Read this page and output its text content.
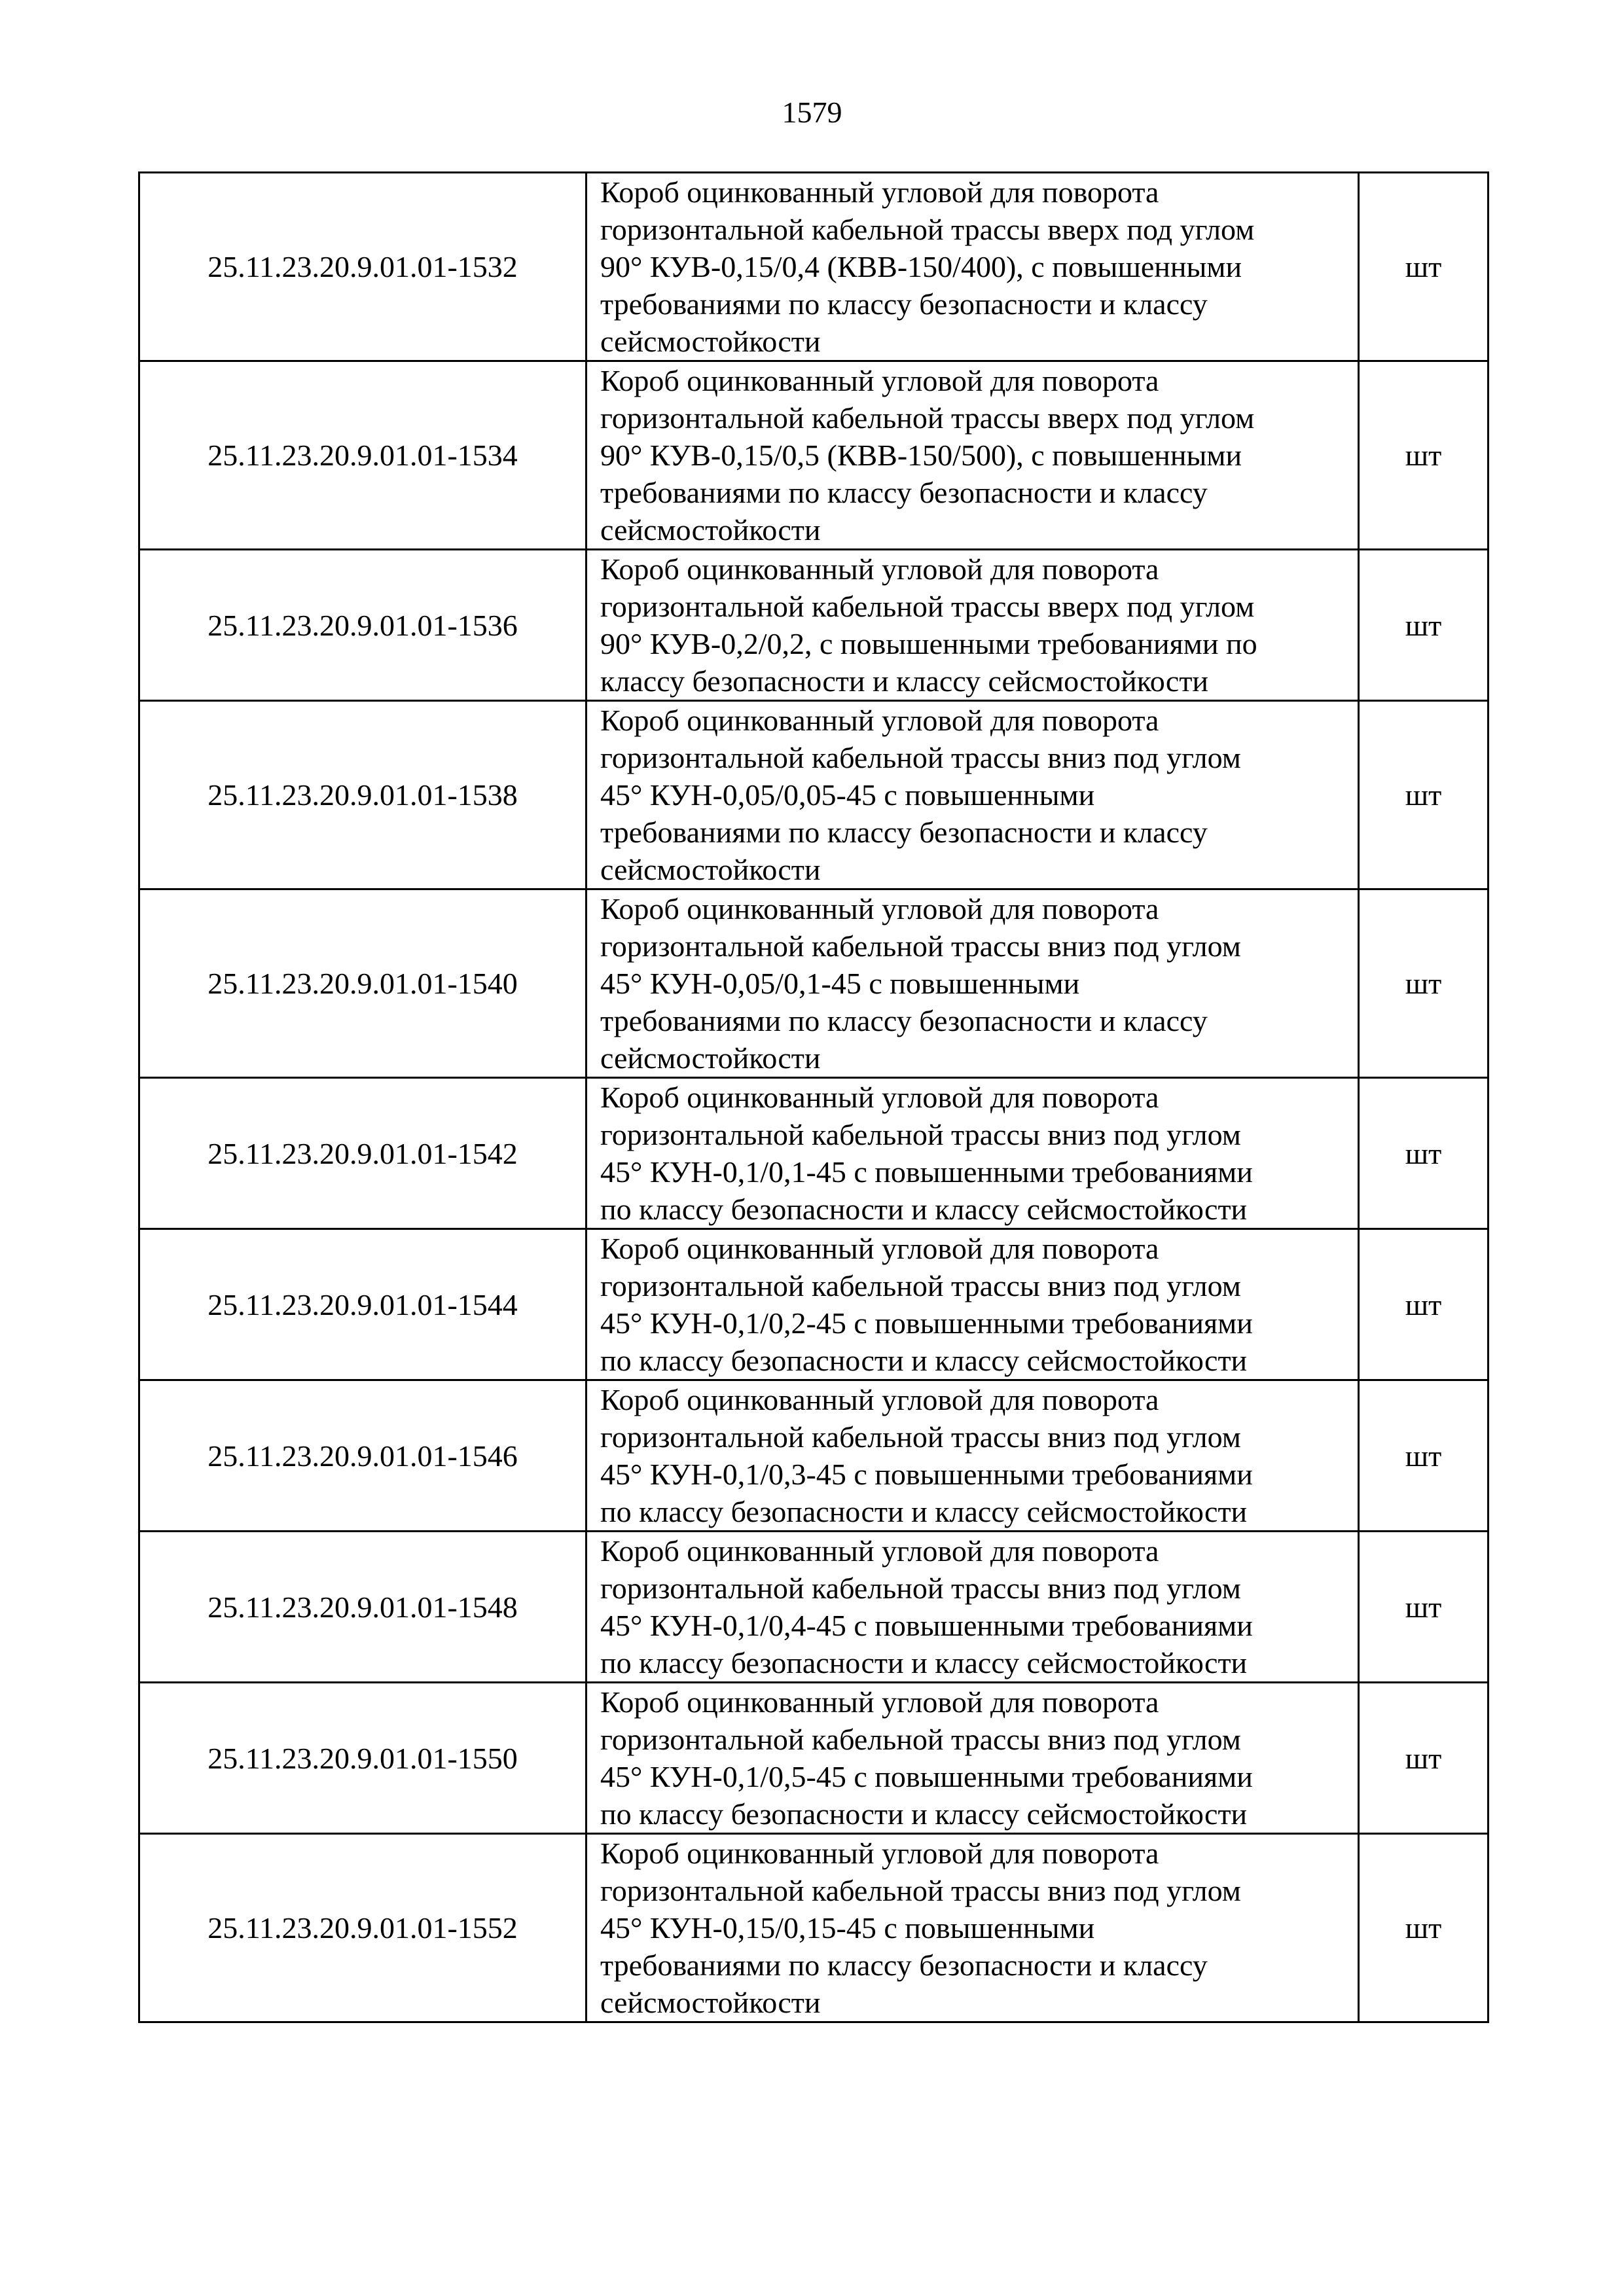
1579
25.11.23.20.9.01.01-1532	Короб оцинкованный угловой для поворота
горизонтальной кабельной трассы вверх под углом
90° КУВ-0,15/0,4 (КВВ-150/400), с повышенными
требованиями по классу безопасности и классу
сейсмостойкости	шт
25.11.23.20.9.01.01-1534	Короб оцинкованный угловой для поворота
горизонтальной кабельной трассы вверх под углом
90° КУВ-0,15/0,5 (КВВ-150/500), с повышенными
требованиями по классу безопасности и классу
сейсмостойкости	шт
25.11.23.20.9.01.01-1536	Короб оцинкованный угловой для поворота
горизонтальной кабельной трассы вверх под углом
90° КУВ-0,2/0,2, с повышенными требованиями по
классу безопасности и классу сейсмостойкости	шт
25.11.23.20.9.01.01-1538	Короб оцинкованный угловой для поворота
горизонтальной кабельной трассы вниз под углом
45° КУН-0,05/0,05-45 с повышенными
требованиями по классу безопасности и классу
сейсмостойкости	шт
25.11.23.20.9.01.01-1540	Короб оцинкованный угловой для поворота
горизонтальной кабельной трассы вниз под углом
45° КУН-0,05/0,1-45 с повышенными
требованиями по классу безопасности и классу
сейсмостойкости	шт
25.11.23.20.9.01.01-1542	Короб оцинкованный угловой для поворота
горизонтальной кабельной трассы вниз под углом
45° КУН-0,1/0,1-45 с повышенными требованиями
по классу безопасности и классу сейсмостойкости	шт
25.11.23.20.9.01.01-1544	Короб оцинкованный угловой для поворота
горизонтальной кабельной трассы вниз под углом
45° КУН-0,1/0,2-45 с повышенными требованиями
по классу безопасности и классу сейсмостойкости	шт
25.11.23.20.9.01.01-1546	Короб оцинкованный угловой для поворота
горизонтальной кабельной трассы вниз под углом
45° КУН-0,1/0,3-45 с повышенными требованиями
по классу безопасности и классу сейсмостойкости	шт
25.11.23.20.9.01.01-1548	Короб оцинкованный угловой для поворота
горизонтальной кабельной трассы вниз под углом
45° КУН-0,1/0,4-45 с повышенными требованиями
по классу безопасности и классу сейсмостойкости	шт
25.11.23.20.9.01.01-1550	Короб оцинкованный угловой для поворота
горизонтальной кабельной трассы вниз под углом
45° КУН-0,1/0,5-45 с повышенными требованиями
по классу безопасности и классу сейсмостойкости	шт
25.11.23.20.9.01.01-1552	Короб оцинкованный угловой для поворота
горизонтальной кабельной трассы вниз под углом
45° КУН-0,15/0,15-45 с повышенными
требованиями по классу безопасности и классу
сейсмостойкости	шт
